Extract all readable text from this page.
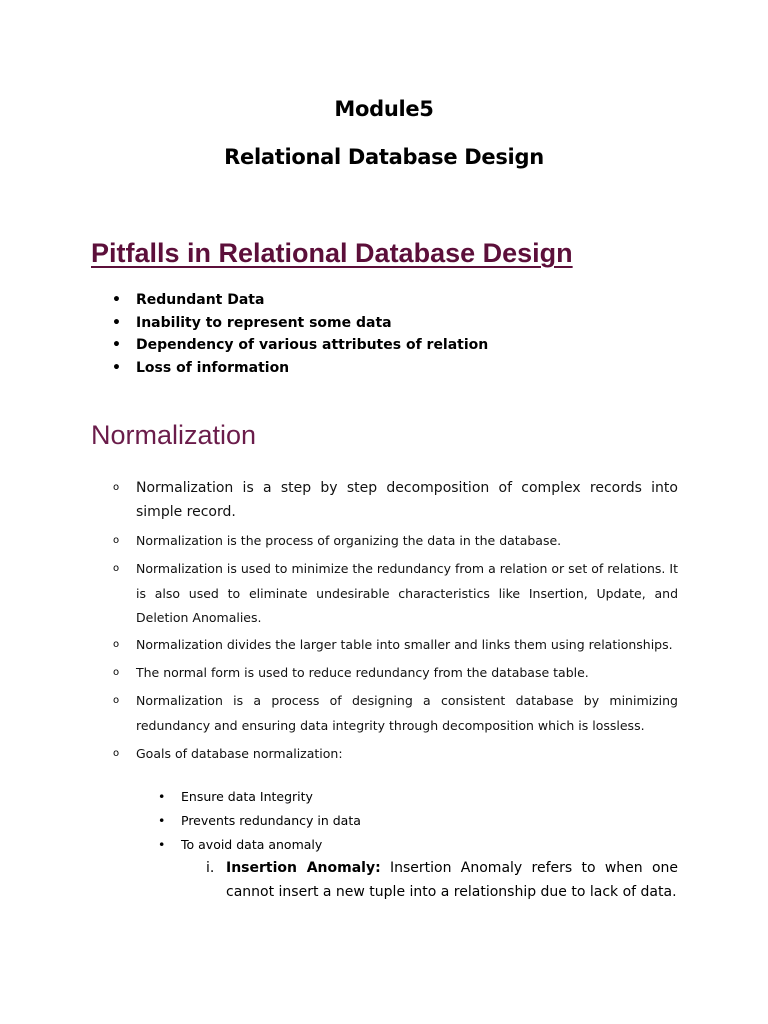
Module5
Relational Database Design
Pitfalls in Relational Database Design
• Redundant Data
• Inability to represent some data
• Dependency of various attributes of relation
• Loss of information
Normalization
o Normalization is a step by step decomposition of complex records into simple record.
o Normalization is the process of organizing the data in the database.
o Normalization is used to minimize the redundancy from a relation or set of relations. It is also used to eliminate undesirable characteristics like Insertion, Update, and Deletion Anomalies.
o Normalization divides the larger table into smaller and links them using relationships.
o The normal form is used to reduce redundancy from the database table.
o Normalization is a process of designing a consistent database by minimizing redundancy and ensuring data integrity through decomposition which is lossless.
o Goals of database normalization:
• Ensure data Integrity
• Prevents redundancy in data
• To avoid data anomaly
i. Insertion Anomaly: Insertion Anomaly refers to when one cannot insert a new tuple into a relationship due to lack of data.
